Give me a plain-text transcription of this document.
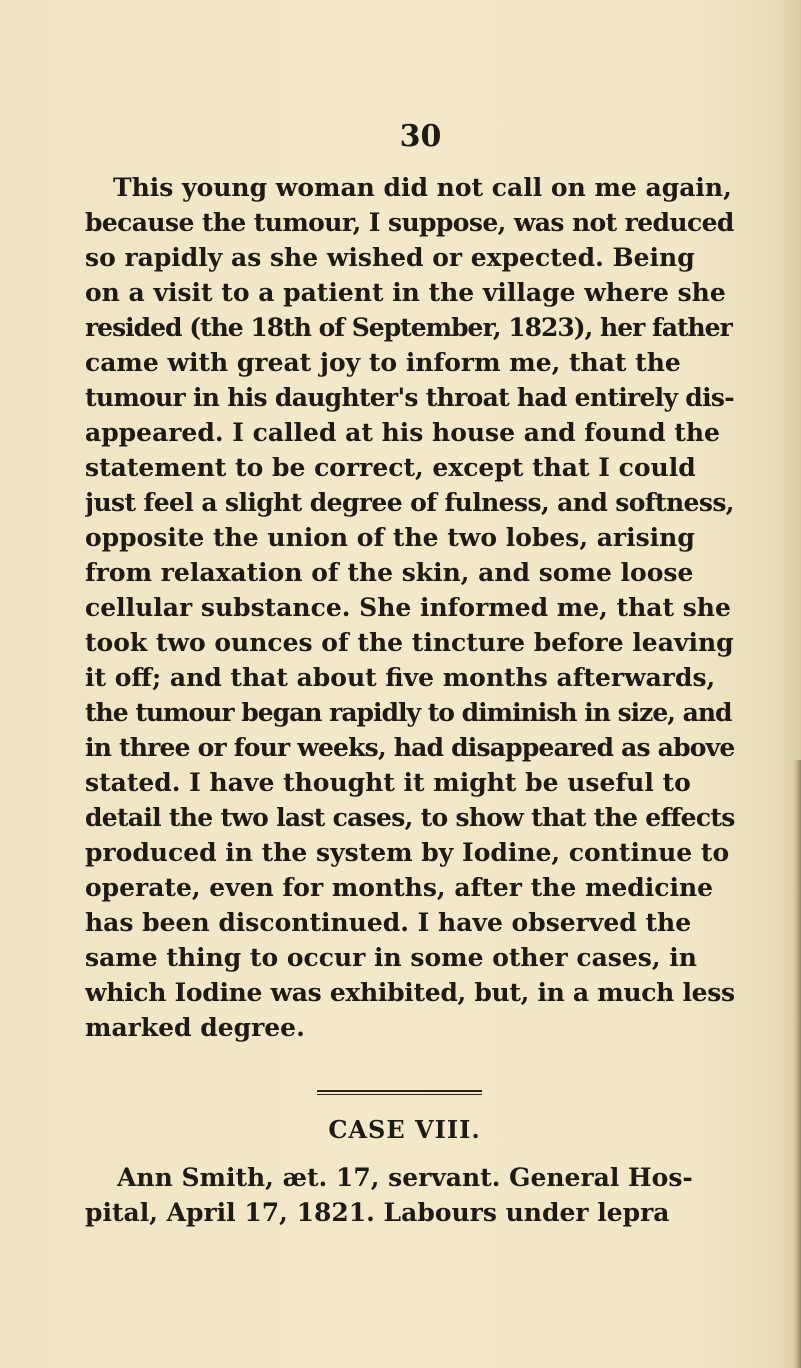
30
This young woman did not call on me again,
because the tumour, I suppose, was not reduced
so rapidly as she wished or expected. Being
on a visit to a patient in the village where she
resided (the 18th of September, 1823), her father
came with great joy to inform me, that the
tumour in his daughter's throat had entirely dis-
appeared. I called at his house and found the
statement to be correct, except that I could
just feel a slight degree of fulness, and softness,
opposite the union of the two lobes, arising
from relaxation of the skin, and some loose
cellular substance. She informed me, that she
took two ounces of the tincture before leaving
it off; and that about five months afterwards,
the tumour began rapidly to diminish in size, and
in three or four weeks, had disappeared as above
stated. I have thought it might be useful to
detail the two last cases, to show that the effects
produced in the system by Iodine, continue to
operate, even for months, after the medicine
has been discontinued. I have observed the
same thing to occur in some other cases, in
which Iodine was exhibited, but, in a much less
marked degree.
CASE VIII.
Ann Smith, æt. 17, servant. General Hos-
pital, April 17, 1821. Labours under lepra
